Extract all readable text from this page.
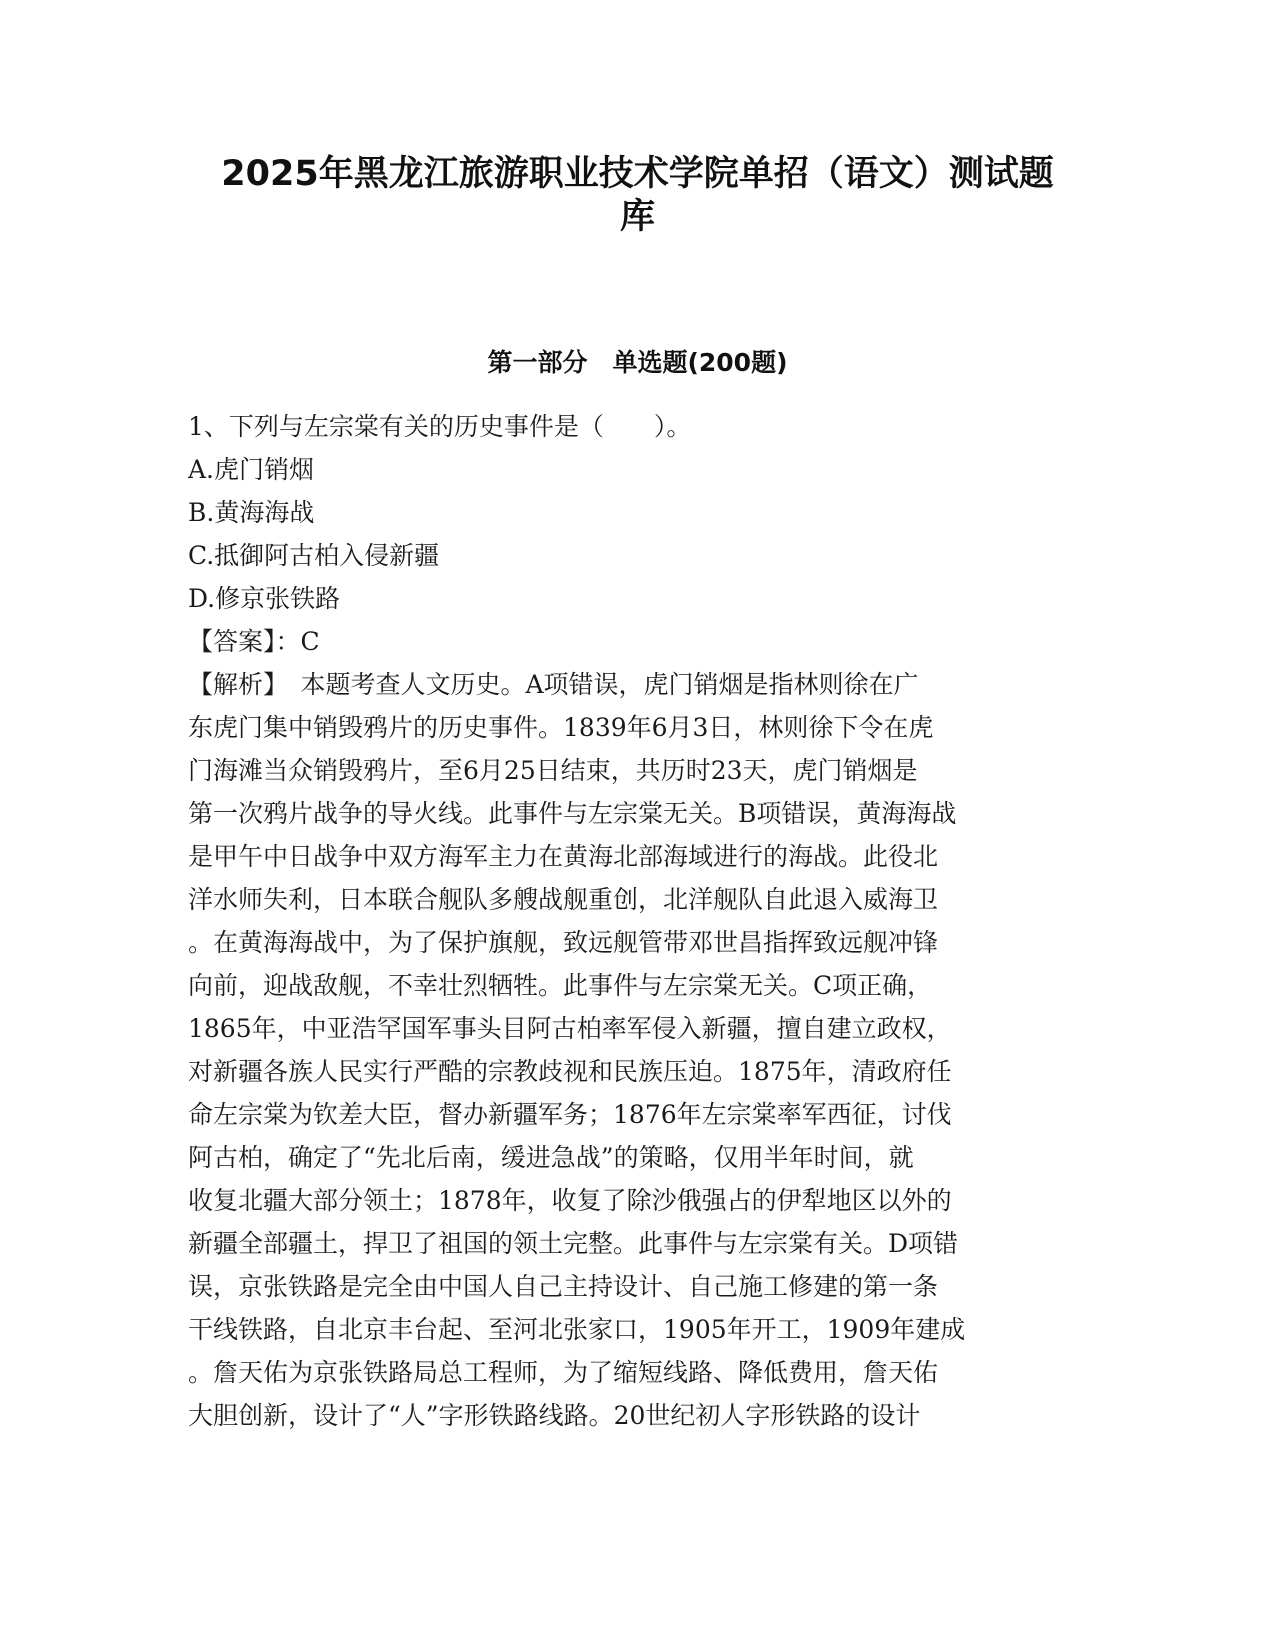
2025年黑龙江旅游职业技术学院单招（语文）测试题
库
第一部分　单选题(200题)
1、下列与左宗棠有关的历史事件是（　　）。
A.虎门销烟
B.黄海海战
C.抵御阿古柏入侵新疆
D.修京张铁路
【答案】：C
【解析】　本题考查人文历史。A项错误，虎门销烟是指林则徐在广
东虎门集中销毁鸦片的历史事件。1839年6月3日，林则徐下令在虎
门海滩当众销毁鸦片，至6月25日结束，共历时23天，虎门销烟是
第一次鸦片战争的导火线。此事件与左宗棠无关。B项错误，黄海海战
是甲午中日战争中双方海军主力在黄海北部海域进行的海战。此役北
洋水师失利，日本联合舰队多艘战舰重创，北洋舰队自此退入威海卫
。在黄海海战中，为了保护旗舰，致远舰管带邓世昌指挥致远舰冲锋
向前，迎战敌舰，不幸壮烈牺牲。此事件与左宗棠无关。C项正确，
1865年，中亚浩罕国军事头目阿古柏率军侵入新疆，擅自建立政权，
对新疆各族人民实行严酷的宗教歧视和民族压迫。1875年，清政府任
命左宗棠为钦差大臣，督办新疆军务；1876年左宗棠率军西征，讨伐
阿古柏，确定了“先北后南，缓进急战”的策略，仅用半年时间，就
收复北疆大部分领土；1878年，收复了除沙俄强占的伊犁地区以外的
新疆全部疆土，捍卫了祖国的领土完整。此事件与左宗棠有关。D项错
误，京张铁路是完全由中国人自己主持设计、自己施工修建的第一条
干线铁路，自北京丰台起、至河北张家口，1905年开工，1909年建成
。詹天佑为京张铁路局总工程师，为了缩短线路、降低费用，詹天佑
大胆创新，设计了“人”字形铁路线路。20世纪初人字形铁路的设计
